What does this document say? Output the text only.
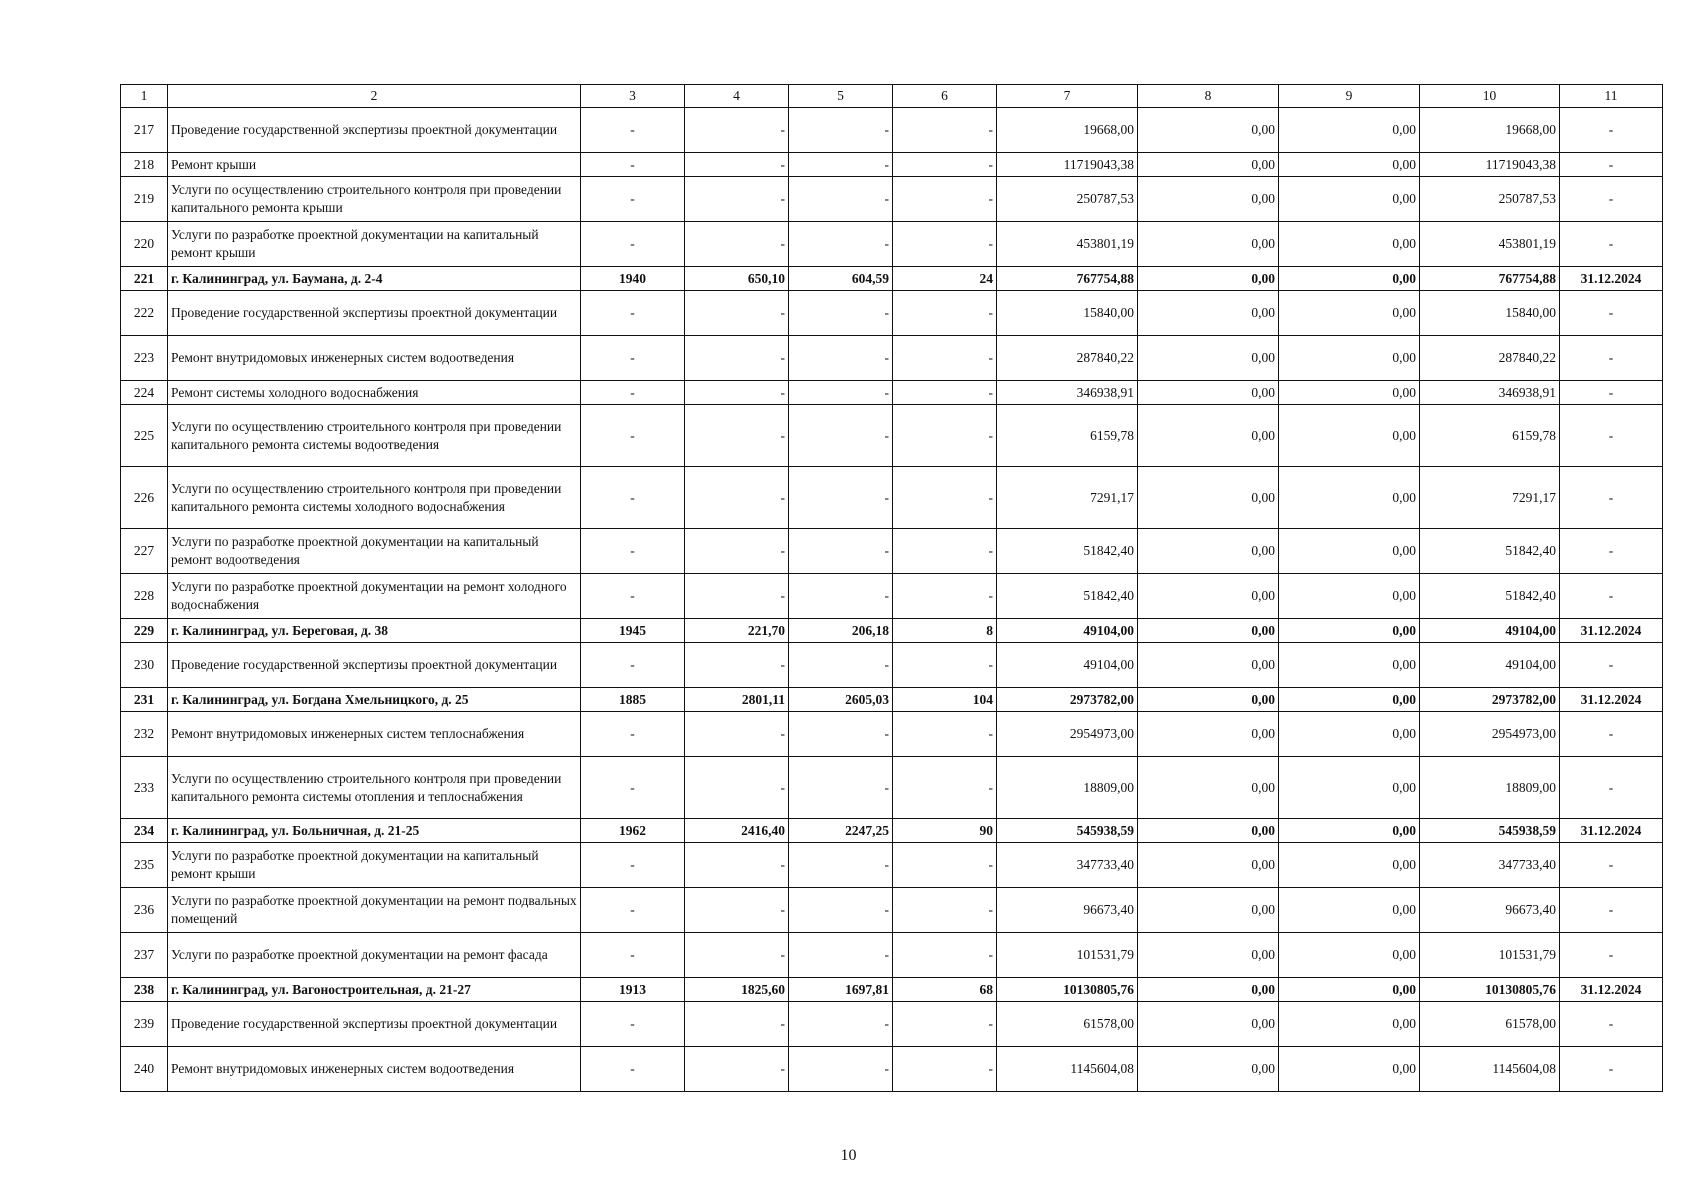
1	2	3	4	5	6	7	8	9	10	11
217	Проведение государственной экспертизы проектной документации	-	-	-	-	19668,00	0,00	0,00	19668,00	-
218	Ремонт крыши	-	-	-	-	11719043,38	0,00	0,00	11719043,38	-
219	Услуги по осуществлению строительного контроля при проведении капитального ремонта крыши	-	-	-	-	250787,53	0,00	0,00	250787,53	-
220	Услуги по разработке проектной документации на капитальный ремонт крыши	-	-	-	-	453801,19	0,00	0,00	453801,19	-
221	г. Калининград, ул. Баумана, д. 2-4	1940	650,10	604,59	24	767754,88	0,00	0,00	767754,88	31.12.2024
222	Проведение государственной экспертизы проектной документации	-	-	-	-	15840,00	0,00	0,00	15840,00	-
223	Ремонт внутридомовых инженерных систем водоотведения	-	-	-	-	287840,22	0,00	0,00	287840,22	-
224	Ремонт системы холодного водоснабжения	-	-	-	-	346938,91	0,00	0,00	346938,91	-
225	Услуги по осуществлению строительного контроля при проведении капитального ремонта системы водоотведения	-	-	-	-	6159,78	0,00	0,00	6159,78	-
226	Услуги по осуществлению строительного контроля при проведении капитального ремонта системы холодного водоснабжения	-	-	-	-	7291,17	0,00	0,00	7291,17	-
227	Услуги по разработке проектной документации на капитальный ремонт водоотведения	-	-	-	-	51842,40	0,00	0,00	51842,40	-
228	Услуги по разработке проектной документации на ремонт холодного водоснабжения	-	-	-	-	51842,40	0,00	0,00	51842,40	-
229	г. Калининград, ул. Береговая, д. 38	1945	221,70	206,18	8	49104,00	0,00	0,00	49104,00	31.12.2024
230	Проведение государственной экспертизы проектной документации	-	-	-	-	49104,00	0,00	0,00	49104,00	-
231	г. Калининград, ул. Богдана Хмельницкого, д. 25	1885	2801,11	2605,03	104	2973782,00	0,00	0,00	2973782,00	31.12.2024
232	Ремонт внутридомовых инженерных систем теплоснабжения	-	-	-	-	2954973,00	0,00	0,00	2954973,00	-
233	Услуги по осуществлению строительного контроля при проведении капитального ремонта системы отопления и теплоснабжения	-	-	-	-	18809,00	0,00	0,00	18809,00	-
234	г. Калининград, ул. Больничная, д. 21-25	1962	2416,40	2247,25	90	545938,59	0,00	0,00	545938,59	31.12.2024
235	Услуги по разработке проектной документации на капитальный ремонт крыши	-	-	-	-	347733,40	0,00	0,00	347733,40	-
236	Услуги по разработке проектной документации на ремонт подвальных помещений	-	-	-	-	96673,40	0,00	0,00	96673,40	-
237	Услуги по разработке проектной документации на ремонт фасада	-	-	-	-	101531,79	0,00	0,00	101531,79	-
238	г. Калининград, ул. Вагоностроительная, д. 21-27	1913	1825,60	1697,81	68	10130805,76	0,00	0,00	10130805,76	31.12.2024
239	Проведение государственной экспертизы проектной документации	-	-	-	-	61578,00	0,00	0,00	61578,00	-
240	Ремонт внутридомовых инженерных систем водоотведения	-	-	-	-	1145604,08	0,00	0,00	1145604,08	-
10
